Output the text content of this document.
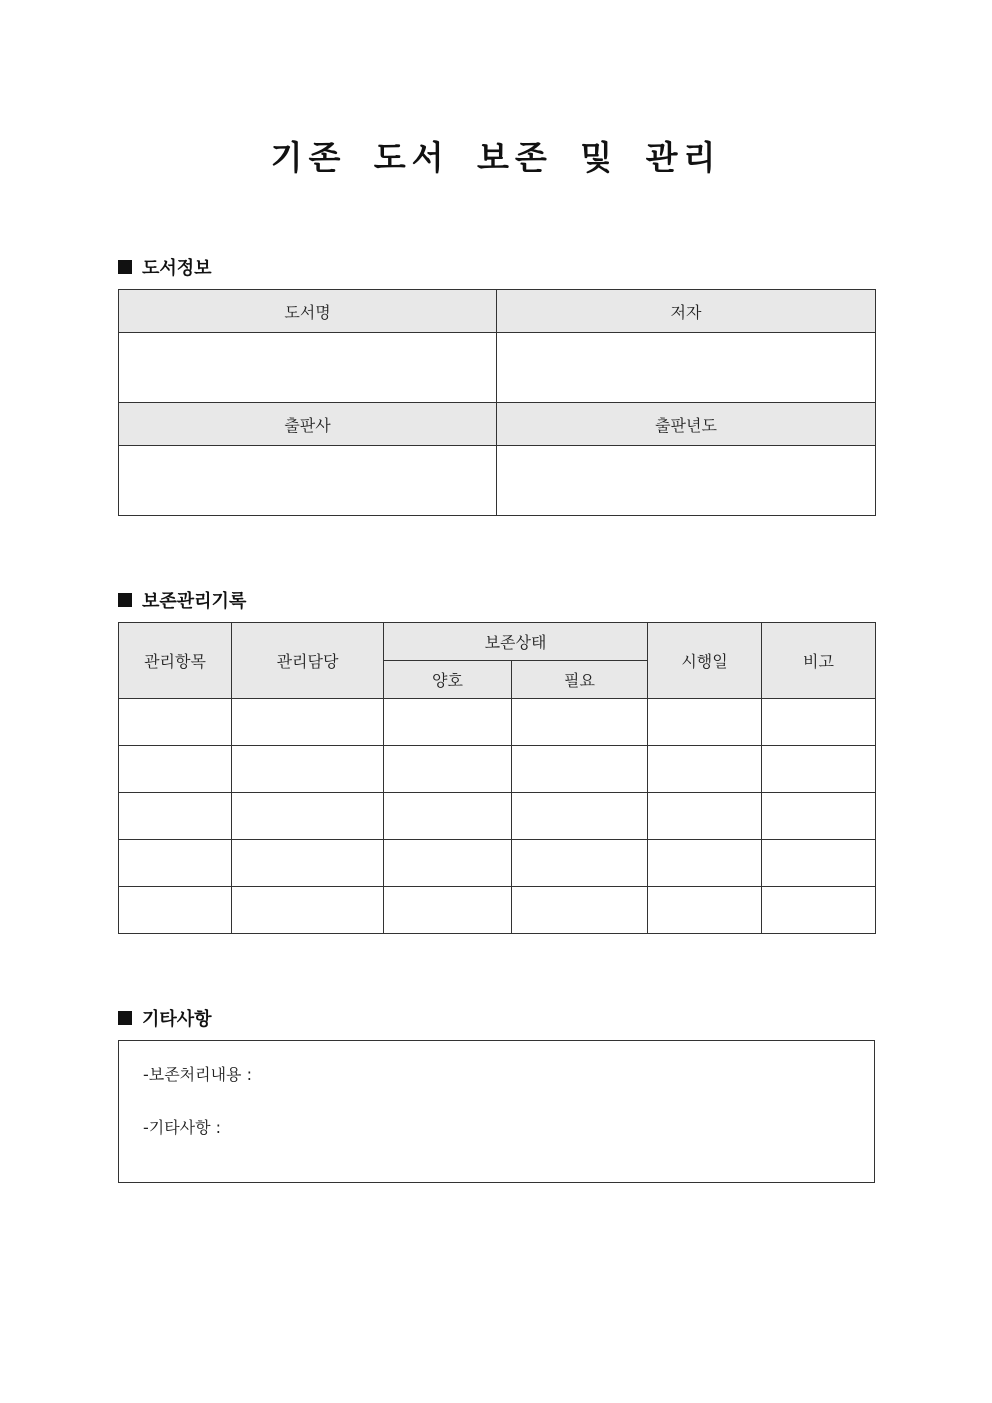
기존 도서 보존 및 관리
도서정보
도서명	저자

출판사	출판년도

보존관리기록
관리항목	관리담당	보존상태		시행일	비고
		양호	필요		

기타사항
-보존처리내용 :
-기타사항 :
